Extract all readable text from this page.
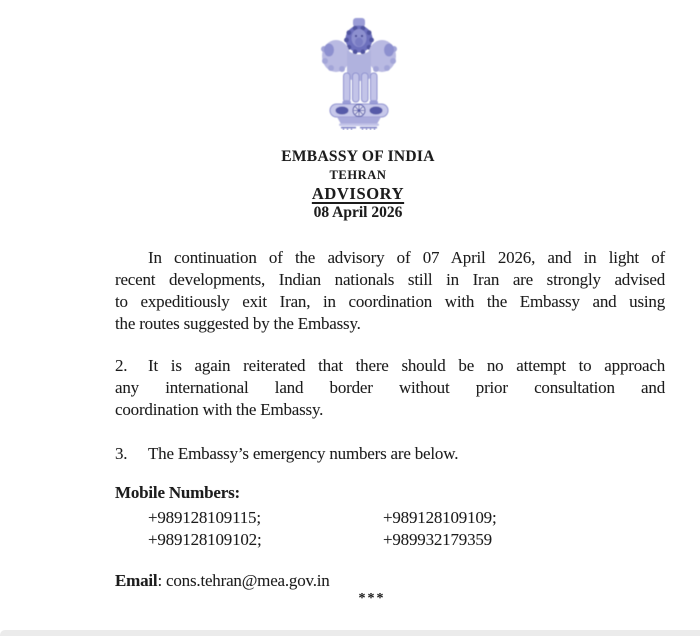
EMBASSY OF INDIA
TEHRAN
ADVISORY
08 April 2026
In continuation of the advisory of 07 April 2026, and in light of
recent developments, Indian nationals still in Iran are strongly advised
to expeditiously exit Iran, in coordination with the Embassy and using
the routes suggested by the Embassy.
2. It is again reiterated that there should be no attempt to approach
any international land border without prior consultation and
coordination with the Embassy.
3. The Embassy’s emergency numbers are below.
Mobile Numbers:
+989128109115;	+989128109109;
+989128109102;	+989932179359
Email: cons.tehran@mea.gov.in
***
